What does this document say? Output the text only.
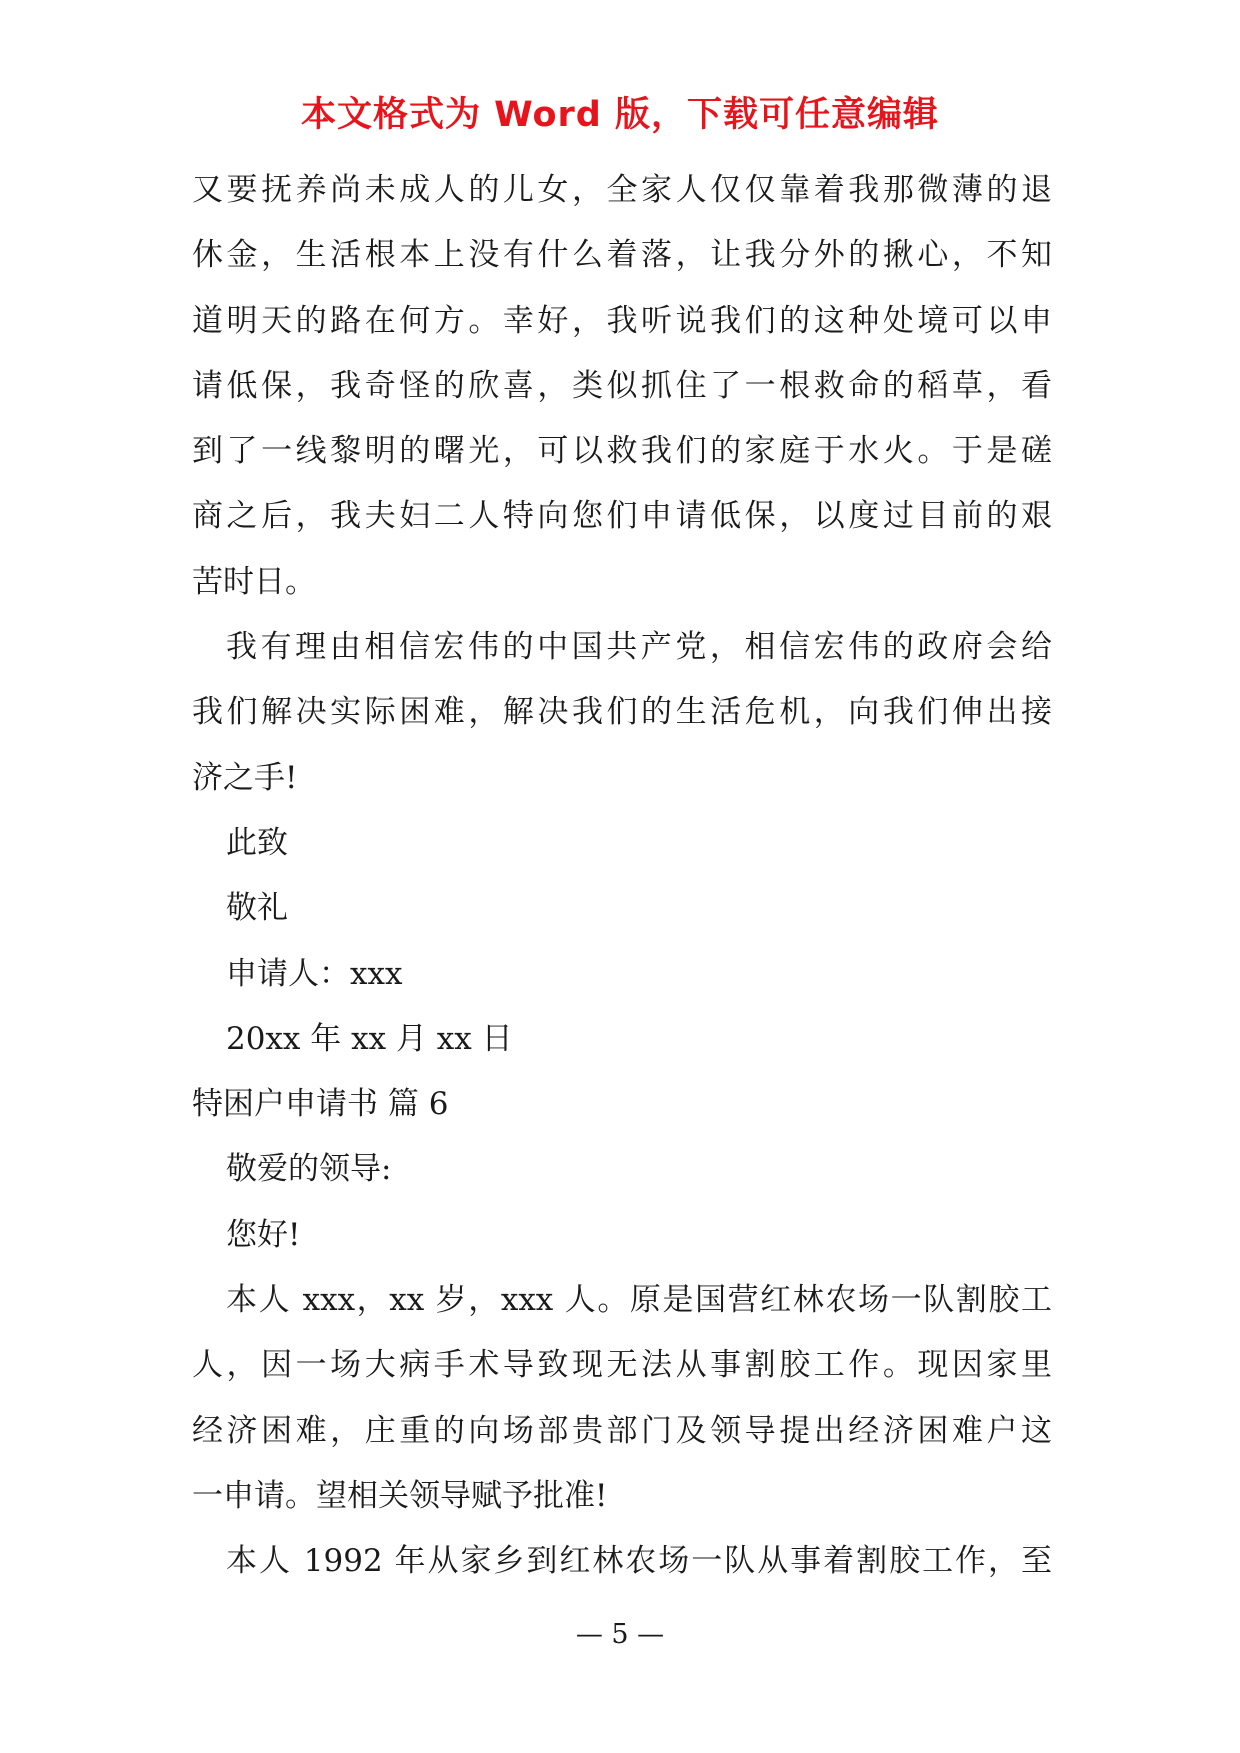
本文格式为 Word 版，下载可任意编辑
又要抚养尚未成人的儿女，全家人仅仅靠着我那微薄的退
休金，生活根本上没有什么着落，让我分外的揪心，不知
道明天的路在何方。幸好，我听说我们的这种处境可以申
请低保，我奇怪的欣喜，类似抓住了一根救命的稻草，看
到了一线黎明的曙光，可以救我们的家庭于水火。于是磋
商之后，我夫妇二人特向您们申请低保，以度过目前的艰
苦时日。
我有理由相信宏伟的中国共产党，相信宏伟的政府会给
我们解决实际困难，解决我们的生活危机，向我们伸出接
济之手!
此致
敬礼
申请人：xxx
20xx 年 xx 月 xx 日
特困户申请书 篇 6
敬爱的领导:
您好!
本人 xxx，xx 岁，xxx 人。原是国营红林农场一队割胶工
人，因一场大病手术导致现无法从事割胶工作。现因家里
经济困难，庄重的向场部贵部门及领导提出经济困难户这
一申请。望相关领导赋予批准!
本人 1992 年从家乡到红林农场一队从事着割胶工作，至
— 5 —
